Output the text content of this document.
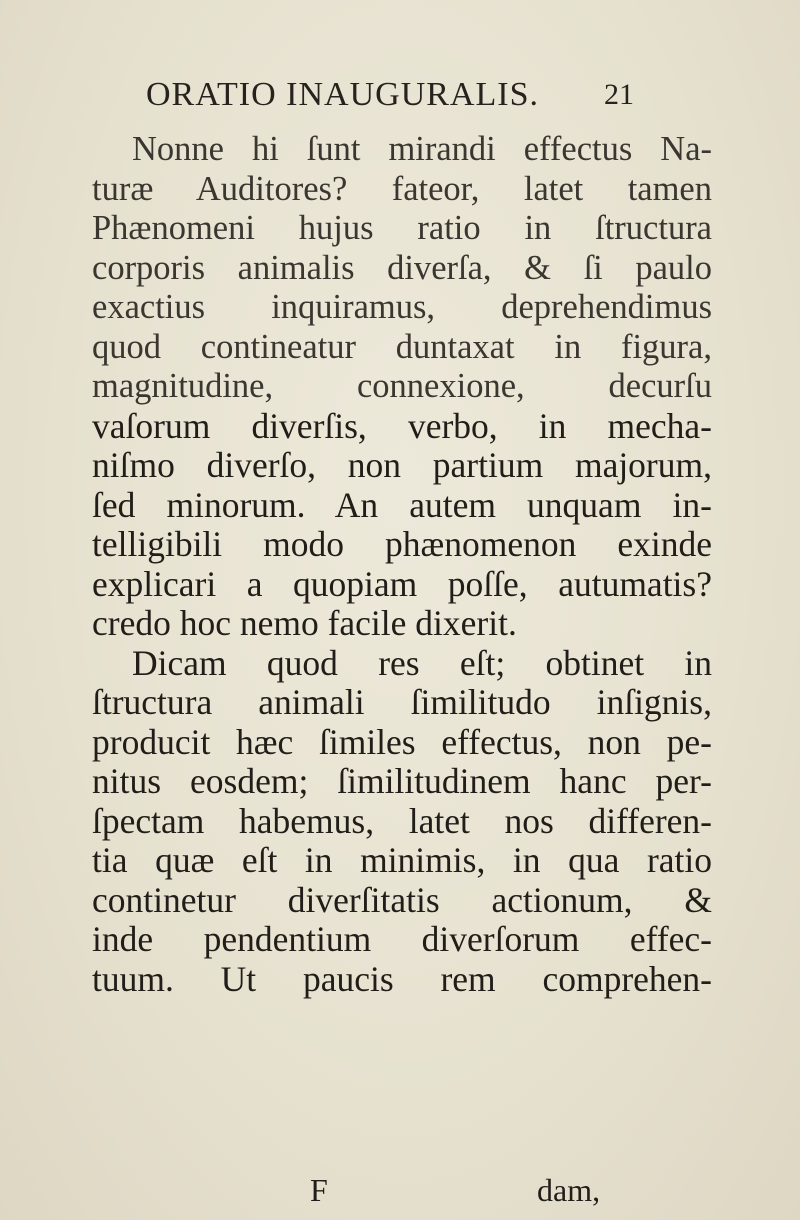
ORATIO INAUGURALIS.	21
Nonne hi ſunt mirandi effectus Na-
turæ Auditores? fateor, latet tamen
Phænomeni hujus ratio in ſtructura
corporis animalis diverſa, & ſi paulo
exactius inquiramus, deprehendimus
quod contineatur duntaxat in figura,
magnitudine, connexione, decurſu
vaſorum diverſis, verbo, in mecha-
niſmo diverſo, non partium majorum,
ſed minorum. An autem unquam in-
telligibili modo phænomenon exinde
explicari a quopiam poſſe, autumatis?
credo hoc nemo facile dixerit.
Dicam quod res eſt; obtinet in
ſtructura animali ſimilitudo inſignis,
producit hæc ſimiles effectus, non pe-
nitus eosdem; ſimilitudinem hanc per-
ſpectam habemus, latet nos differen-
tia quæ eſt in minimis, in qua ratio
continetur diverſitatis actionum, &
inde pendentium diverſorum effec-
tuum. Ut paucis rem comprehen-
F	dam,
